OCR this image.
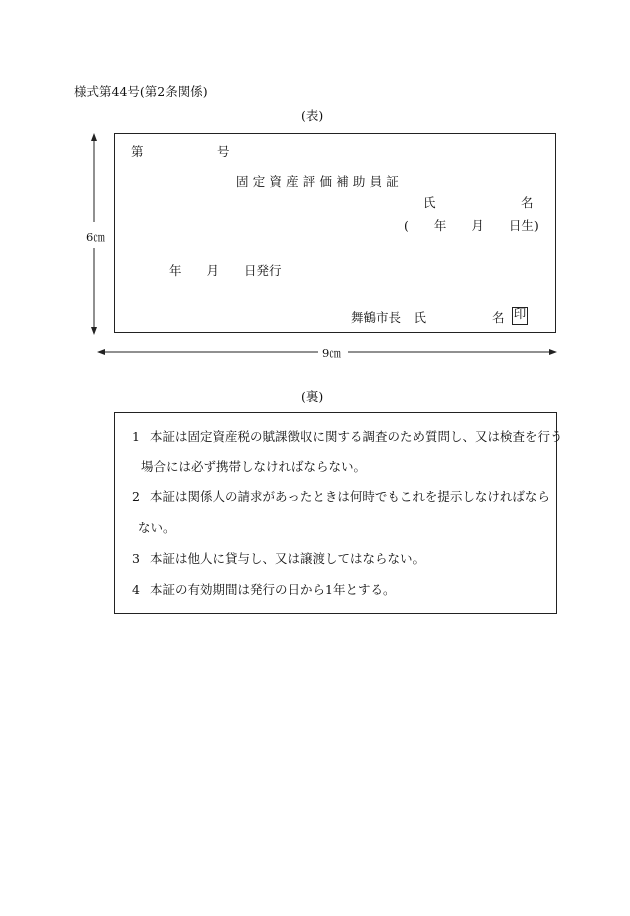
様式第44号(第2条関係)
(表)
6㎝
9㎝
第	号
固定資産評価補助員証
氏	名
(　　年　　月　　日生)
年　　月　　日発行
舞鶴市長　氏	名 印
(裏)
1 本証は固定資産税の賦課徴収に関する調査のため質問し、又は検査を行う
場合には必ず携帯しなければならない。
2 本証は関係人の請求があったときは何時でもこれを提示しなければなら
ない。
3 本証は他人に貸与し、又は譲渡してはならない。
4 本証の有効期間は発行の日から1年とする。
